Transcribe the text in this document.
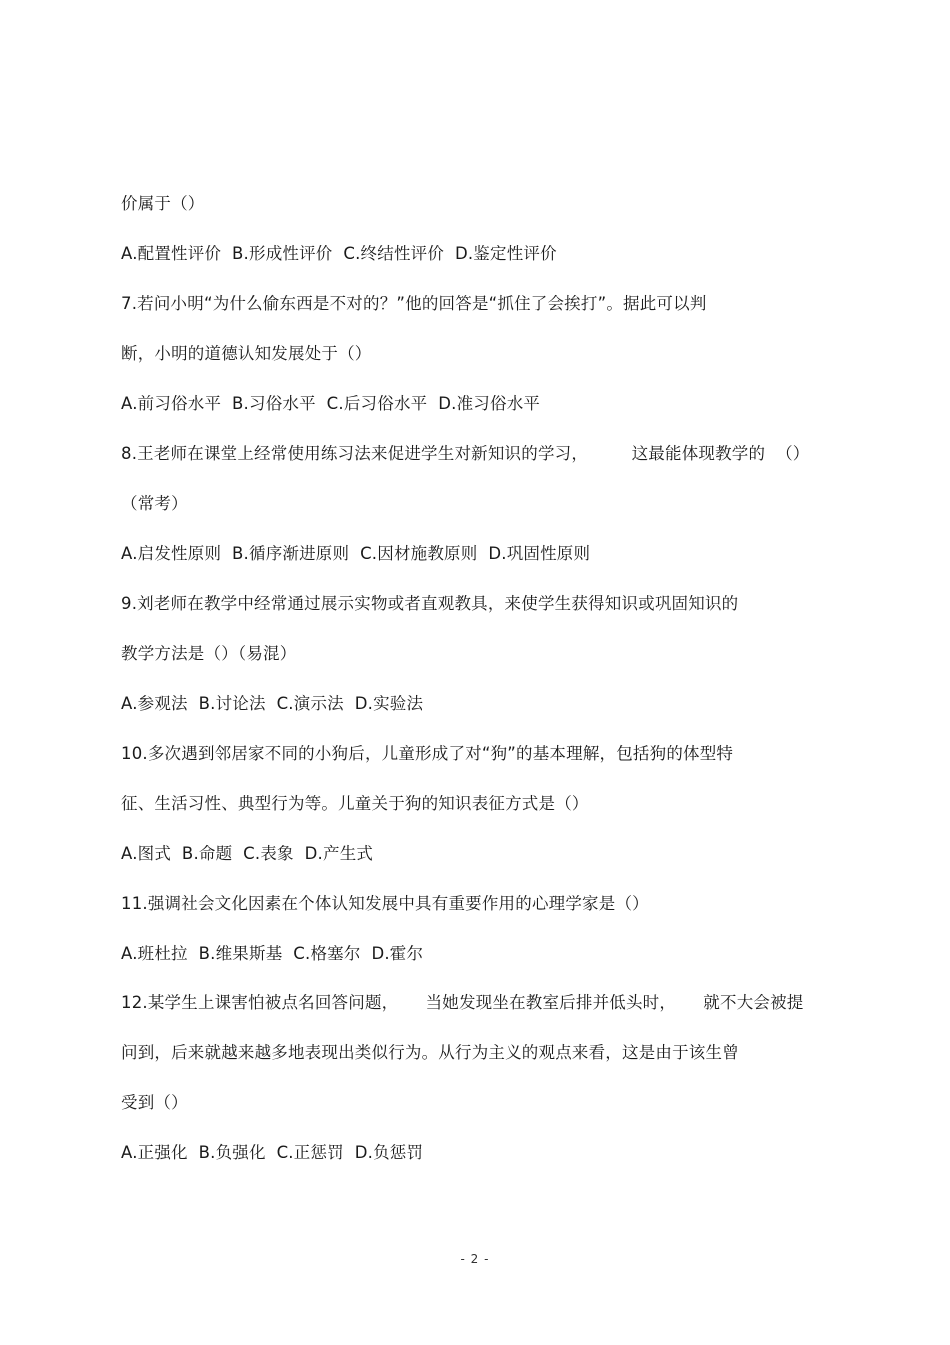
价属于（）
A.配置性评价  B.形成性评价  C.终结性评价  D.鉴定性评价
7.若问小明“为什么偷东西是不对的？”他的回答是“抓住了会挨打”。据此可以判
断，小明的道德认知发展处于（）
A.前习俗水平  B.习俗水平  C.后习俗水平  D.准习俗水平
8.王老师在课堂上经常使用练习法来促进学生对新知识的学习，        这最能体现教学的  （）
（常考）
A.启发性原则  B.循序渐进原则  C.因材施教原则  D.巩固性原则
9.刘老师在教学中经常通过展示实物或者直观教具，来使学生获得知识或巩固知识的
教学方法是（）（易混）
A.参观法  B.讨论法  C.演示法  D.实验法
10.多次遇到邻居家不同的小狗后，儿童形成了对“狗”的基本理解，包括狗的体型特
征、生活习性、典型行为等。儿童关于狗的知识表征方式是（）
A.图式  B.命题  C.表象  D.产生式
11.强调社会文化因素在个体认知发展中具有重要作用的心理学家是（）
A.班杜拉  B.维果斯基  C.格塞尔  D.霍尔
12.某学生上课害怕被点名回答问题，     当她发现坐在教室后排并低头时，     就不大会被提
问到，后来就越来越多地表现出类似行为。从行为主义的观点来看，这是由于该生曾
受到（）
A.正强化  B.负强化  C.正惩罚  D.负惩罚
- 2 -
